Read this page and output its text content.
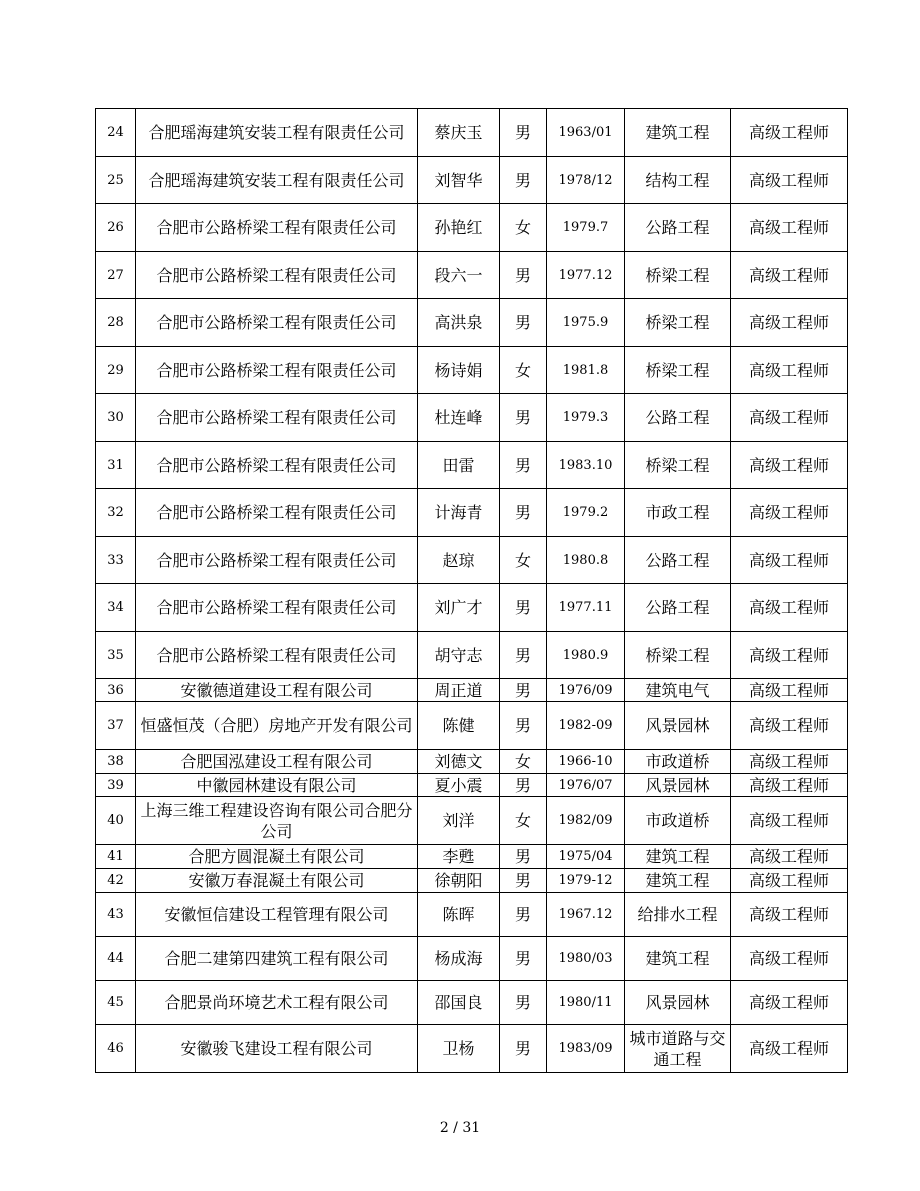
24	合肥瑶海建筑安装工程有限责任公司	蔡庆玉	男	1963/01	建筑工程	高级工程师
25	合肥瑶海建筑安装工程有限责任公司	刘智华	男	1978/12	结构工程	高级工程师
26	合肥市公路桥梁工程有限责任公司	孙艳红	女	1979.7	公路工程	高级工程师
27	合肥市公路桥梁工程有限责任公司	段六一	男	1977.12	桥梁工程	高级工程师
28	合肥市公路桥梁工程有限责任公司	高洪泉	男	1975.9	桥梁工程	高级工程师
29	合肥市公路桥梁工程有限责任公司	杨诗娟	女	1981.8	桥梁工程	高级工程师
30	合肥市公路桥梁工程有限责任公司	杜连峰	男	1979.3	公路工程	高级工程师
31	合肥市公路桥梁工程有限责任公司	田雷	男	1983.10	桥梁工程	高级工程师
32	合肥市公路桥梁工程有限责任公司	计海青	男	1979.2	市政工程	高级工程师
33	合肥市公路桥梁工程有限责任公司	赵琼	女	1980.8	公路工程	高级工程师
34	合肥市公路桥梁工程有限责任公司	刘广才	男	1977.11	公路工程	高级工程师
35	合肥市公路桥梁工程有限责任公司	胡守志	男	1980.9	桥梁工程	高级工程师
36	安徽德道建设工程有限公司	周正道	男	1976/09	建筑电气	高级工程师
37	恒盛恒茂（合肥）房地产开发有限公司	陈健	男	1982-09	风景园林	高级工程师
38	合肥国泓建设工程有限公司	刘德文	女	1966-10	市政道桥	高级工程师
39	中徽园林建设有限公司	夏小震	男	1976/07	风景园林	高级工程师
40	上海三维工程建设咨询有限公司合肥分公司	刘洋	女	1982/09	市政道桥	高级工程师
41	合肥方圆混凝土有限公司	李甦	男	1975/04	建筑工程	高级工程师
42	安徽万春混凝土有限公司	徐朝阳	男	1979-12	建筑工程	高级工程师
43	安徽恒信建设工程管理有限公司	陈晖	男	1967.12	给排水工程	高级工程师
44	合肥二建第四建筑工程有限公司	杨成海	男	1980/03	建筑工程	高级工程师
45	合肥景尚环境艺术工程有限公司	邵国良	男	1980/11	风景园林	高级工程师
46	安徽骏飞建设工程有限公司	卫杨	男	1983/09	城市道路与交通工程	高级工程师
2 / 31
